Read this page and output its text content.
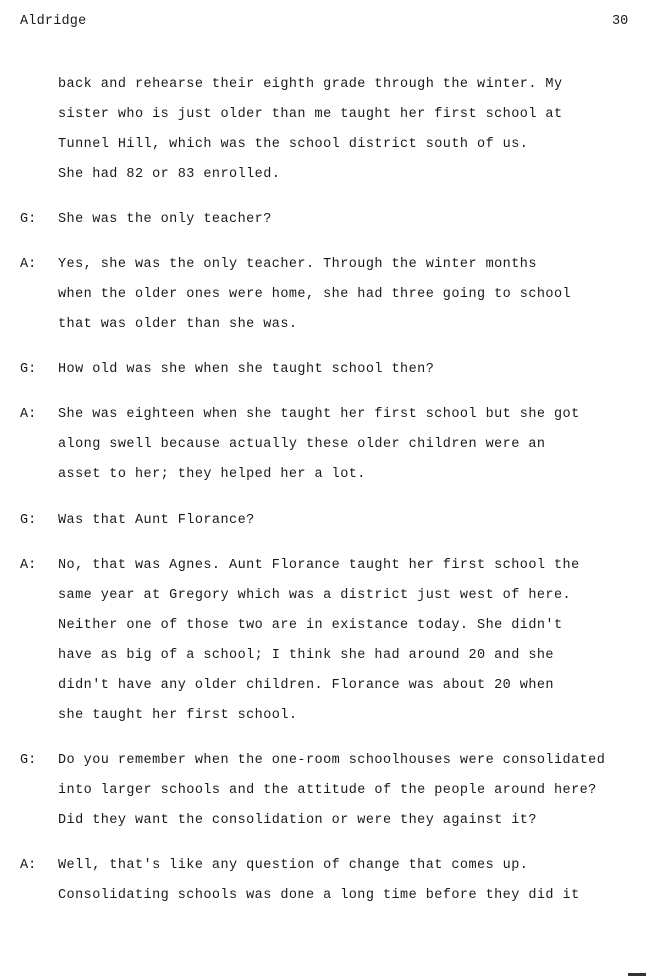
Aldridge	30
back and rehearse their eighth grade through the winter. My
sister who is just older than me taught her first school at
Tunnel Hill, which was the school district south of us.
She had 82 or 83 enrolled.
G: She was the only teacher?
A: Yes, she was the only teacher. Through the winter months
when the older ones were home, she had three going to school
that was older than she was.
G: How old was she when she taught school then?
A: She was eighteen when she taught her first school but she got
along swell because actually these older children were an
asset to her; they helped her a lot.
G: Was that Aunt Florance?
A: No, that was Agnes. Aunt Florance taught her first school the
same year at Gregory which was a district just west of here.
Neither one of those two are in existance today. She didn't
have as big of a school; I think she had around 20 and she
didn't have any older children. Florance was about 20 when
she taught her first school.
G: Do you remember when the one-room schoolhouses were consolidated
into larger schools and the attitude of the people around here?
Did they want the consolidation or were they against it?
A: Well, that's like any question of change that comes up.
Consolidating schools was done a long time before they did it
